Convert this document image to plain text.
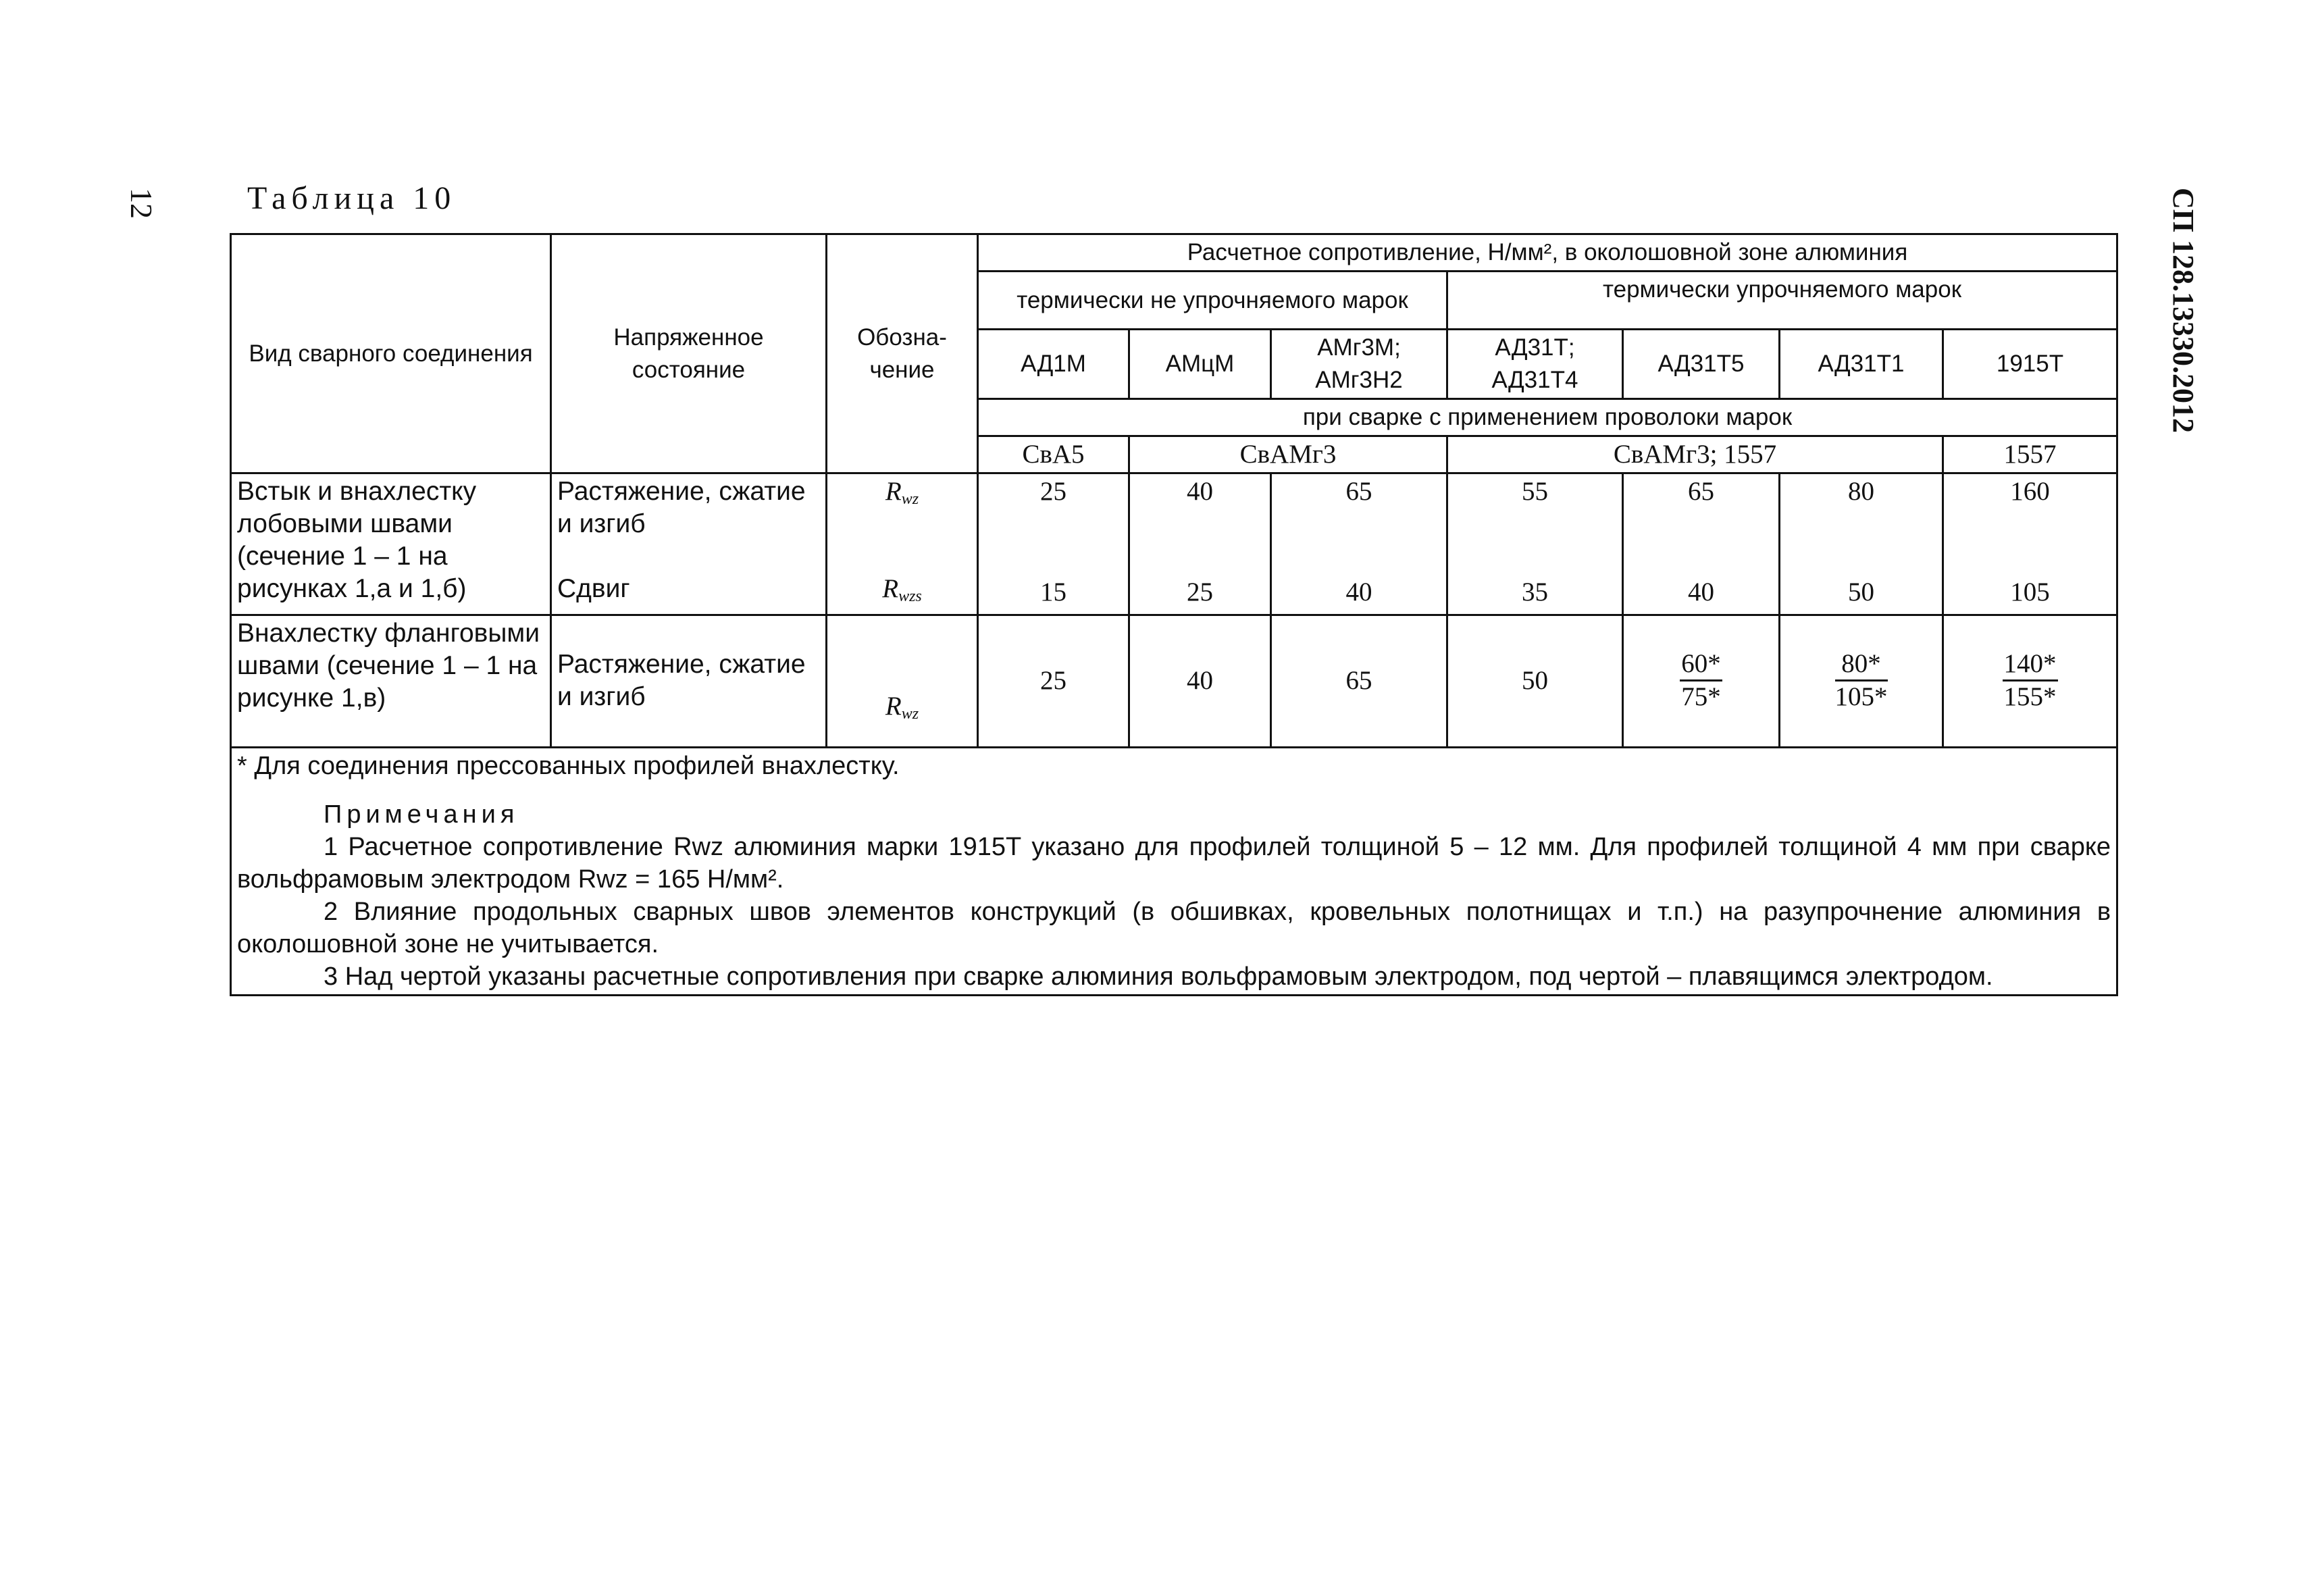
12	СП 128.13330.2012
Таблица 10
Вид сварного соединения	Напряженное состояние	Обозна-чение	Расчетное сопротивление, Н/мм², в околошовной зоне алюминия						
			термически не упрочняемого марок			термически упрочняемого марок			
			АД1М	АМцМ	АМг3М; АМг3Н2	АД31Т; АД31Т4	АД31Т5	АД31Т1	1915Т
			при сварке с применением проволоки марок						
			СвА5	СвАМг3		СвАМг3; 1557			1557
Встык и внахлестку лобовыми швами (сечение 1 – 1 на рисунках 1,а и 1,б)	Растяжение, сжатие и изгиб	$R_{wz}$	25	40	65	55	65	80	160
	Сдвиг	$R_{wzs}$	15	25	40	35	40	50	105
Внахлестку фланговыми швами (сечение 1 – 1 на рисунке 1,в)	Растяжение, сжатие и изгиб	$R_{wz}$	25	40	65	50	$\frac{60*}{75*}$	$\frac{80*}{105*}$	$\frac{140*}{155*}$

* Для соединения прессованных профилей внахлестку.

Примечания

1 Расчетное сопротивление Rwz алюминия марки 1915Т указано для профилей толщиной 5 – 12 мм. Для профилей толщиной 4 мм при сварке вольфрамовым электродом Rwz = 165 Н/мм².

2 Влияние продольных сварных швов элементов конструкций (в обшивках, кровельных полотнищах и т.п.) на разупрочнение алюминия в околошовной зоне не учитывается.

3 Над чертой указаны расчетные сопротивления при сварке алюминия вольфрамовым электродом, под чертой – плавящимся электродом.									
